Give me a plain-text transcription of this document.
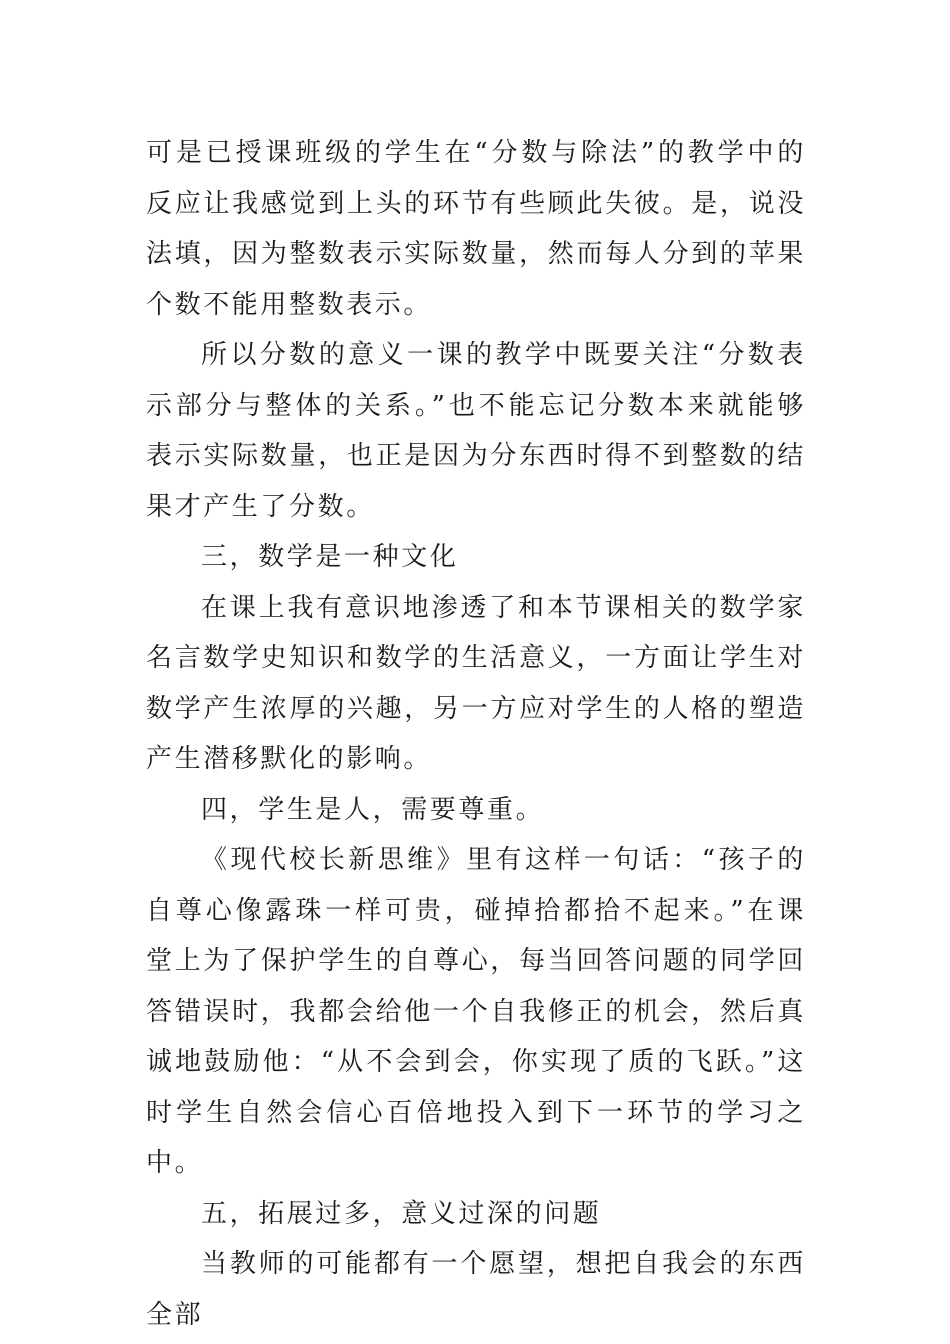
可是已授课班级的学生在“分数与除法”的教学中的反应让我感觉到上头的环节有些顾此失彼。是，说没法填，因为整数表示实际数量，然而每人分到的苹果个数不能用整数表示。

所以分数的意义一课的教学中既要关注“分数表示部分与整体的关系。”也不能忘记分数本来就能够表示实际数量，也正是因为分东西时得不到整数的结果才产生了分数。

三，数学是一种文化

在课上我有意识地渗透了和本节课相关的数学家名言数学史知识和数学的生活意义，一方面让学生对数学产生浓厚的兴趣，另一方应对学生的人格的塑造产生潜移默化的影响。

四，学生是人，需要尊重。

《现代校长新思维》里有这样一句话：“孩子的自尊心像露珠一样可贵，碰掉拾都拾不起来。”在课堂上为了保护学生的自尊心，每当回答问题的同学回答错误时，我都会给他一个自我修正的机会，然后真诚地鼓励他：“从不会到会，你实现了质的飞跃。”这时学生自然会信心百倍地投入到下一环节的学习之中。

五，拓展过多，意义过深的问题

当教师的可能都有一个愿望，想把自我会的东西全部
